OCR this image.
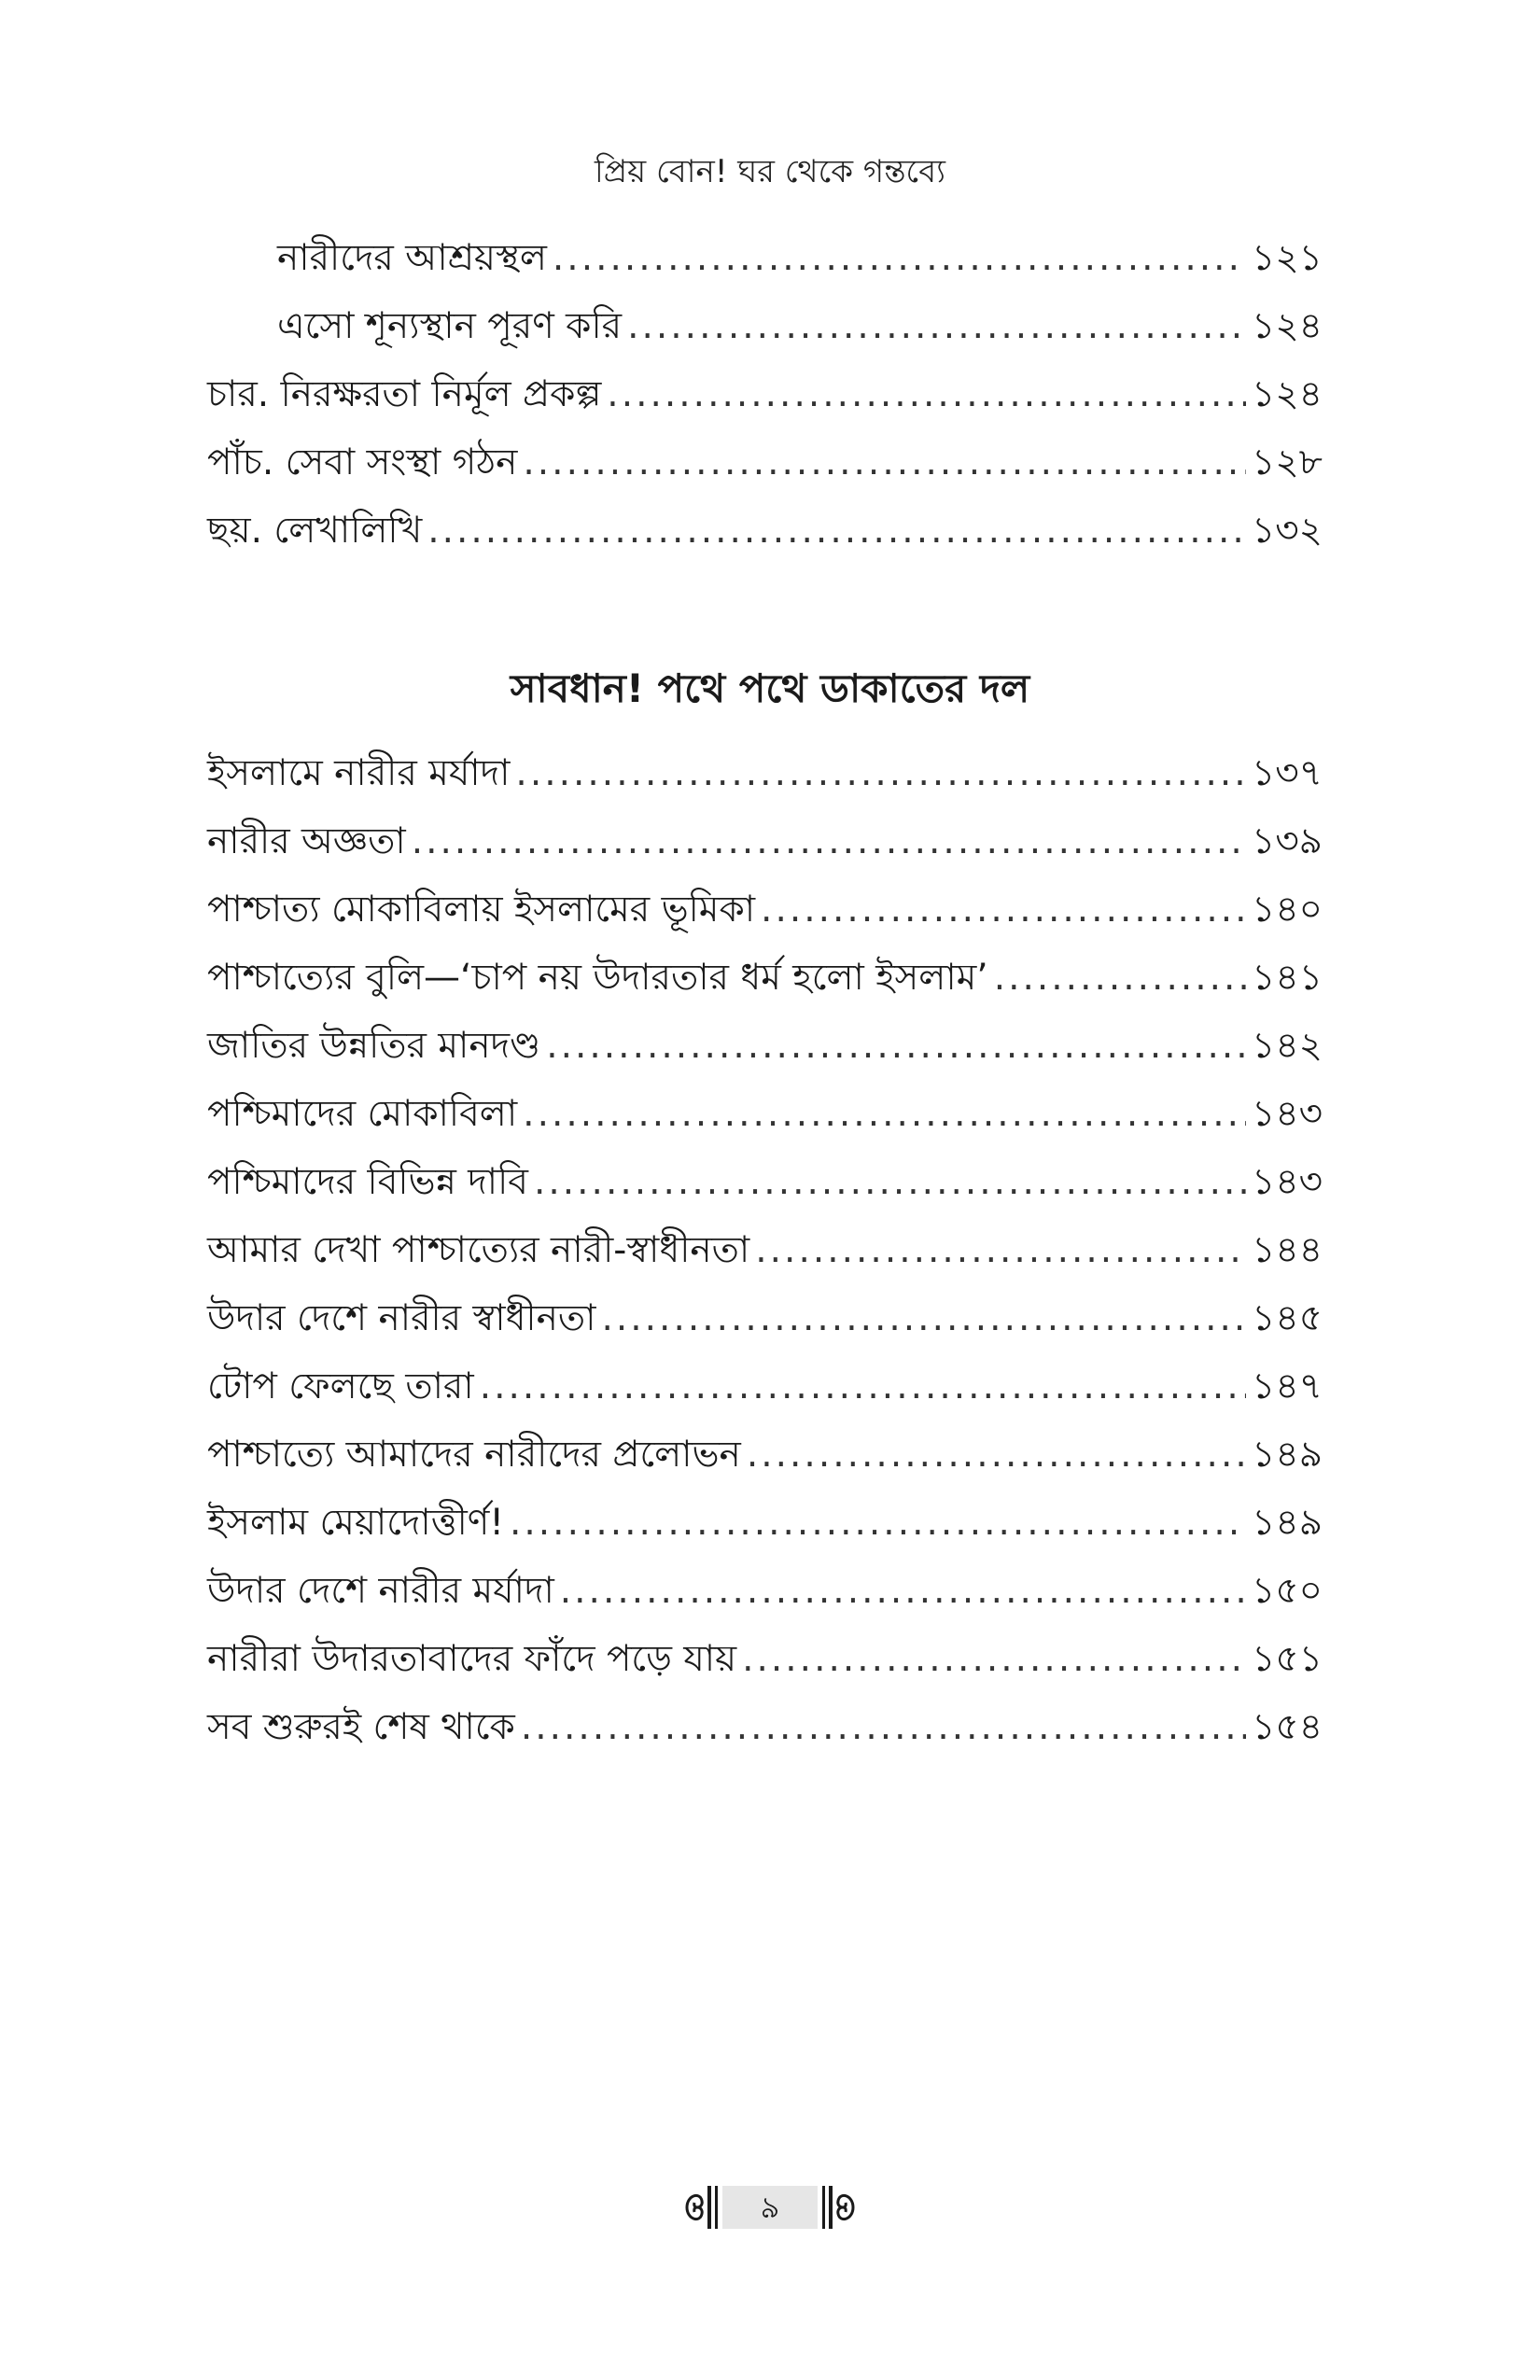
প্রিয় বোন! ঘর থেকে গন্তব্যে
নারীদের আশ্রয়স্থল .....	১২১
এসো শূন্যস্থান পূরণ করি .....	১২৪
চার. নিরক্ষরতা নির্মূল প্রকল্প .....	১২৪
পাঁচ. সেবা সংস্থা গঠন .....	১২৮
ছয়. লেখালিখি .....	১৩২
সাবধান! পথে পথে ডাকাতের দল
ইসলামে নারীর মর্যাদা .....	১৩৭
নারীর অজ্ঞতা .....	১৩৯
পাশ্চাত্য মোকাবিলায় ইসলামের ভূমিকা .....	১৪০
পাশ্চাত্যের বুলি—‘চাপ নয় উদারতার ধর্ম হলো ইসলাম’ .....	১৪১
জাতির উন্নতির মানদণ্ড .....	১৪২
পশ্চিমাদের মোকাবিলা .....	১৪৩
পশ্চিমাদের বিভিন্ন দাবি .....	১৪৩
আমার দেখা পাশ্চাত্যের নারী-স্বাধীনতা .....	১৪৪
উদার দেশে নারীর স্বাধীনতা .....	১৪৫
টোপ ফেলছে তারা .....	১৪৭
পাশ্চাত্যে আমাদের নারীদের প্রলোভন .....	১৪৯
ইসলাম মেয়াদোত্তীর্ণ! .....	১৪৯
উদার দেশে নারীর মর্যাদা .....	১৫০
নারীরা উদারতাবাদের ফাঁদে পড়ে যায় .....	১৫১
সব শুরুরই শেষ থাকে .....	১৫৪
৯
